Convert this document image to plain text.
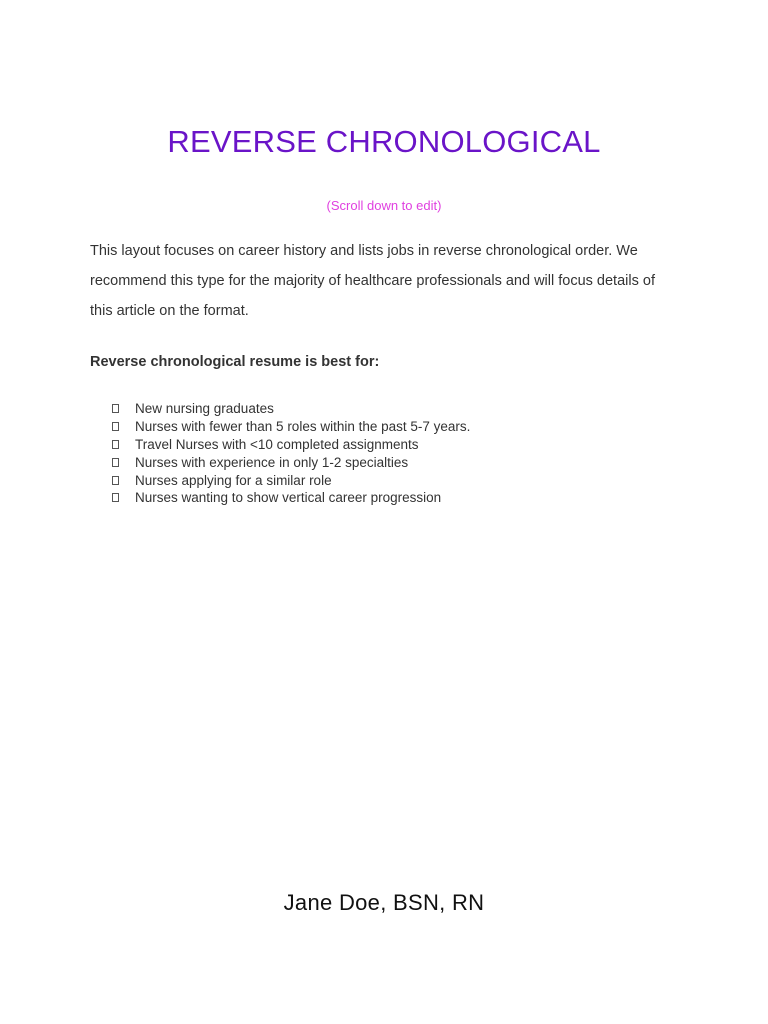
REVERSE CHRONOLOGICAL
(Scroll down to edit)

This layout focuses on career history and lists jobs in reverse chronological order. We recommend this type for the majority of healthcare professionals and will focus details of this article on the format.

Reverse chronological resume is best for:

New nursing graduates
Nurses with fewer than 5 roles within the past 5-7 years.
Travel Nurses with <10 completed assignments
Nurses with experience in only 1-2 specialties
Nurses applying for a similar role
Nurses wanting to show vertical career progression
Jane Doe, BSN, RN
